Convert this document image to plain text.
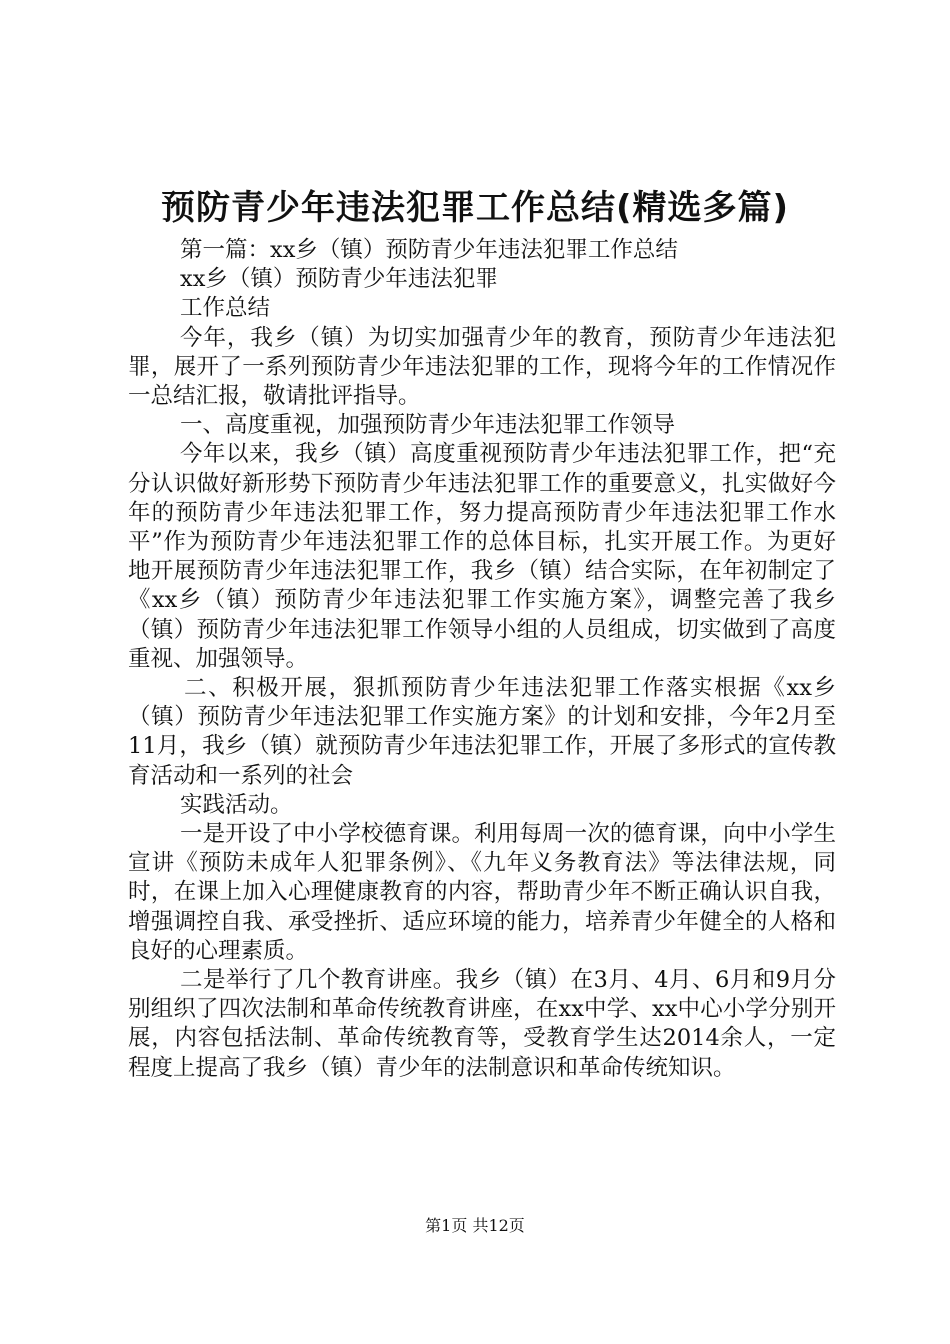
预防青少年违法犯罪工作总结(精选多篇)

第一篇：xx乡（镇）预防青少年违法犯罪工作总结

xx乡（镇）预防青少年违法犯罪

工作总结

今年，我乡（镇）为切实加强青少年的教育，预防青少年违法犯罪，展开了一系列预防青少年违法犯罪的工作，现将今年的工作情况作一总结汇报，敬请批评指导。

一、高度重视，加强预防青少年违法犯罪工作领导

今年以来，我乡（镇）高度重视预防青少年违法犯罪工作，把“充分认识做好新形势下预防青少年违法犯罪工作的重要意义，扎实做好今年的预防青少年违法犯罪工作，努力提高预防青少年违法犯罪工作水平”作为预防青少年违法犯罪工作的总体目标，扎实开展工作。为更好地开展预防青少年违法犯罪工作，我乡（镇）结合实际，在年初制定了《xx乡（镇）预防青少年违法犯罪工作实施方案》，调整完善了我乡（镇）预防青少年违法犯罪工作领导小组的人员组成，切实做到了高度重视、加强领导。

二、积极开展，狠抓预防青少年违法犯罪工作落实根据《xx乡（镇）预防青少年违法犯罪工作实施方案》的计划和安排，今年2月至11月，我乡（镇）就预防青少年违法犯罪工作，开展了多形式的宣传教育活动和一系列的社会

实践活动。

一是开设了中小学校德育课。利用每周一次的德育课，向中小学生宣讲《预防未成年人犯罪条例》、《九年义务教育法》等法律法规，同时，在课上加入心理健康教育的内容，帮助青少年不断正确认识自我，增强调控自我、承受挫折、适应环境的能力，培养青少年健全的人格和良好的心理素质。

二是举行了几个教育讲座。我乡（镇）在3月、4月、6月和9月分别组织了四次法制和革命传统教育讲座，在xx中学、xx中心小学分别开展，内容包括法制、革命传统教育等，受教育学生达2014余人，一定程度上提高了我乡（镇）青少年的法制意识和革命传统知识。

第1页 共12页
